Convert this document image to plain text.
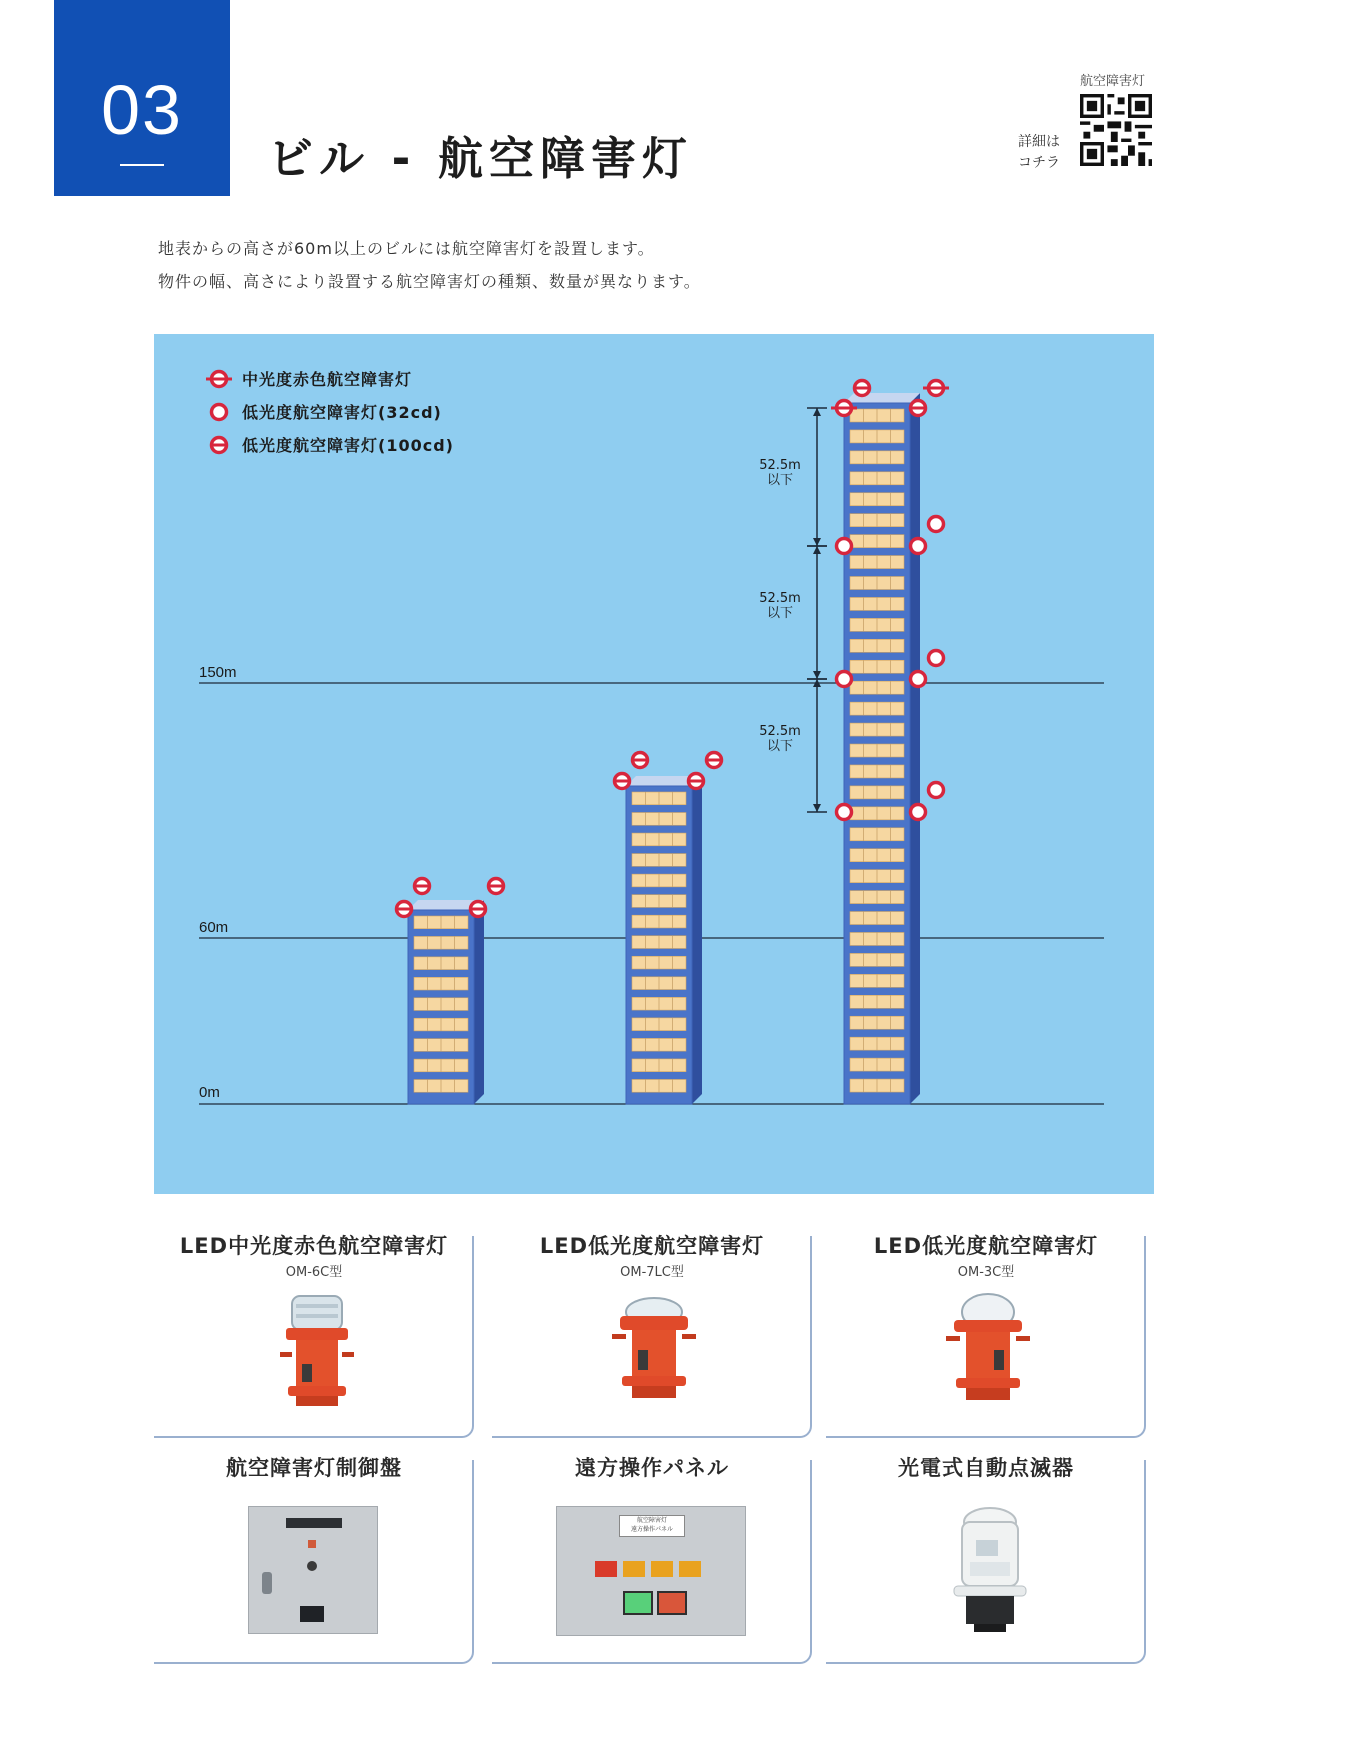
03
ビル - 航空障害灯
航空障害灯
詳細は
コチラ
地表からの高さが60m以上のビルには航空障害灯を設置します。
物件の幅、高さにより設置する航空障害灯の種類、数量が異なります。
中光度赤色航空障害灯
低光度航空障害灯(32cd)
低光度航空障害灯(100cd)
150m
60m
0m
52.5m
以下
52.5m
以下
52.5m
以下
LED中光度赤色航空障害灯
OM-6C型
LED低光度航空障害灯
OM-7LC型
LED低光度航空障害灯
OM-3C型
航空障害灯制御盤	遠方操作パネル
航空障害灯
遠方操作パネル
光電式自動点滅器
